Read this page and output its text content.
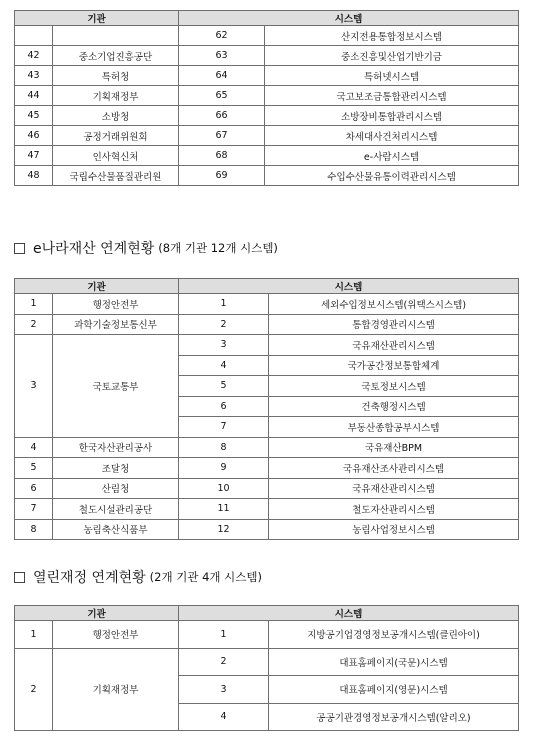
기관		시스템	
		62	산지전용통합정보시스템
42	중소기업진흥공단	63	중소진흥및산업기반기금
43	특허청	64	특허넷시스템
44	기획재정부	65	국고보조금통합관리시스템
45	소방청	66	소방장비통합관리시스템
46	공정거래위원회	67	차세대사건처리시스템
47	인사혁신처	68	e-사람시스템
48	국립수산물품질관리원	69	수입수산물유통이력관리시스템
e나라재산 연계현황 (8개 기관 12개 시스템)
기관		시스템	
1	행정안전부	1	세외수입정보시스템(위택스시스템)
2	과학기술정보통신부	2	통합경영관리시스템
3	국토교통부	3	국유재산관리시스템
		4	국가공간정보통합체계
		5	국토정보시스템
		6	건축행정시스템
		7	부동산종합공부시스템
4	한국자산관리공사	8	국유재산BPM
5	조달청	9	국유재산조사관리시스템
6	산림청	10	국유재산관리시스템
7	철도시설관리공단	11	철도자산관리시스템
8	농림축산식품부	12	농림사업정보시스템
열린재정 연계현황 (2개 기관 4개 시스템)
기관		시스템	
1	행정안전부	1	지방공기업경영정보공개시스템(클린아이)
2	기획재정부	2	대표홈페이지(국문)시스템
		3	대표홈페이지(영문)시스템
		4	공공기관경영정보공개시스템(알리오)
